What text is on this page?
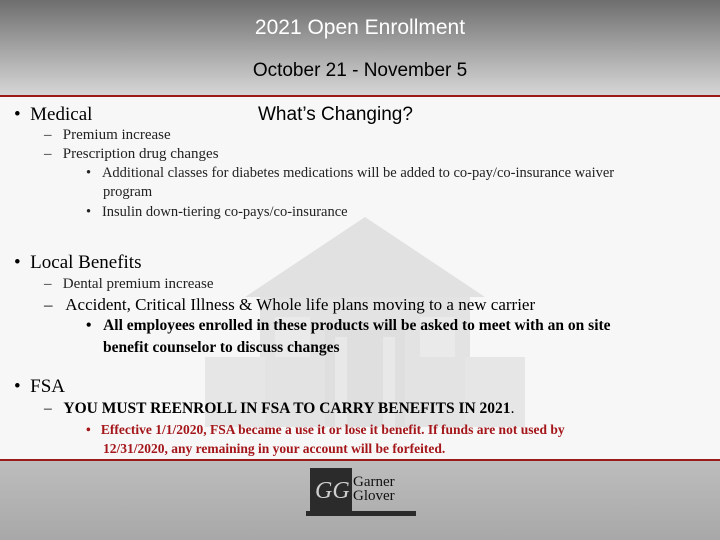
2021 Open Enrollment
October 21 - November 5
What’s Changing?
•  Medical
–   Premium increase
–   Prescription drug changes
•   Additional classes for diabetes medications will be added to co-pay/co-insurance waiver
program
•   Insulin down-tiering co-pays/co-insurance
•  Local Benefits
–   Dental premium increase
–   Accident, Critical Illness & Whole life plans moving to a new carrier
•   All employees enrolled in these products will be asked to meet with an on site
benefit counselor to discuss changes
•  FSA
–   YOU MUST REENROLL IN FSA TO CARRY BENEFITS IN 2021.
•   Effective 1/1/2020, FSA became a use it or lose it benefit. If funds are not used by
12/31/2020, any remaining in your account will be forfeited.
GG Garner
Glover
